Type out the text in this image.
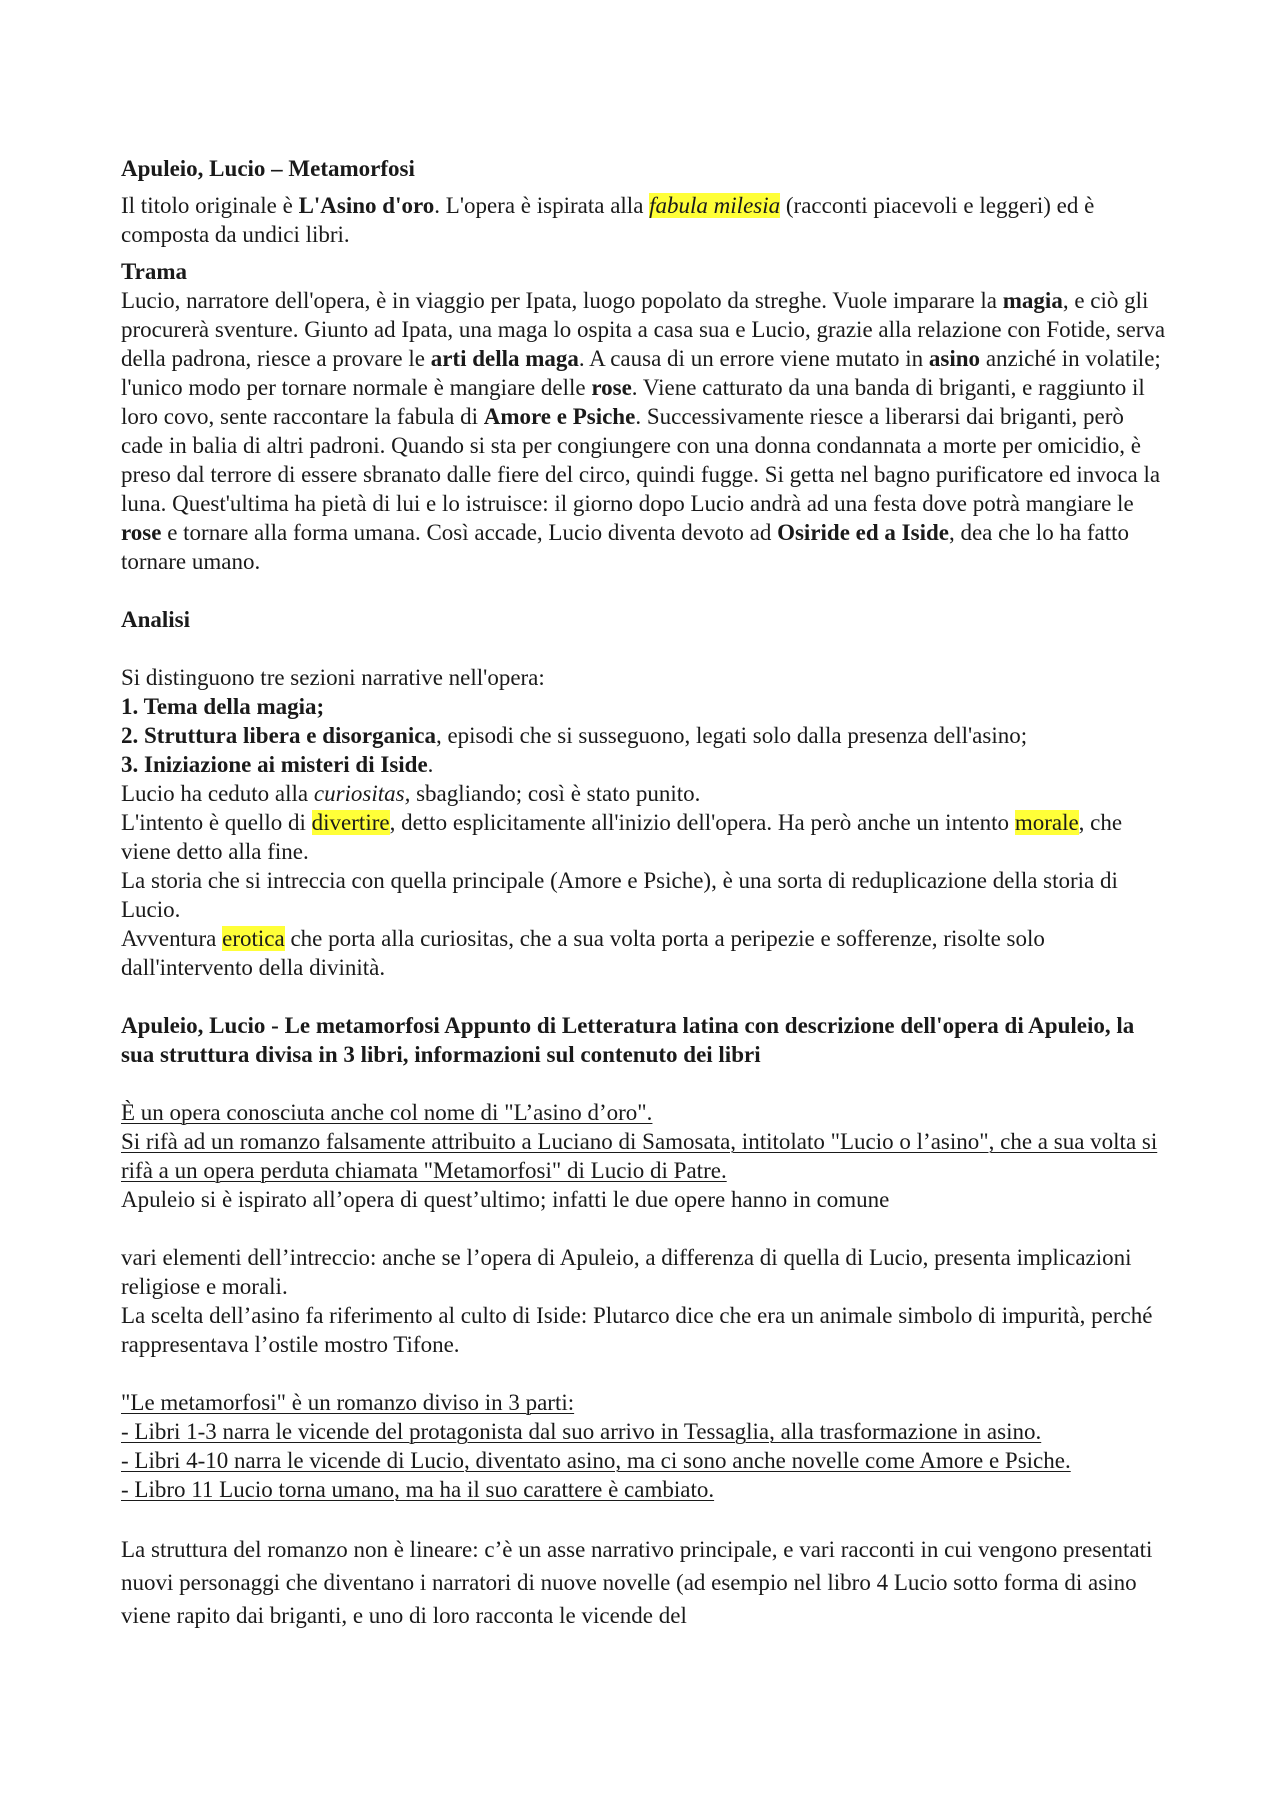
Apuleio, Lucio – Metamorfosi

Il titolo originale è L'Asino d'oro. L'opera è ispirata alla fabula milesia (racconti piacevoli e leggeri) ed è composta da undici libri.

Trama

Lucio, narratore dell'opera, è in viaggio per Ipata, luogo popolato da streghe. Vuole imparare la magia, e ciò gli procurerà sventure. Giunto ad Ipata, una maga lo ospita a casa sua e Lucio, grazie alla relazione con Fotide, serva della padrona, riesce a provare le arti della maga. A causa di un errore viene mutato in asino anziché in volatile; l'unico modo per tornare normale è mangiare delle rose. Viene catturato da una banda di briganti, e raggiunto il loro covo, sente raccontare la fabula di Amore e Psiche. Successivamente riesce a liberarsi dai briganti, però cade in balia di altri padroni. Quando si sta per congiungere con una donna condannata a morte per omicidio, è preso dal terrore di essere sbranato dalle fiere del circo, quindi fugge. Si getta nel bagno purificatore ed invoca la luna. Quest'ultima ha pietà di lui e lo istruisce: il giorno dopo Lucio andrà ad una festa dove potrà mangiare le rose e tornare alla forma umana. Così accade, Lucio diventa devoto ad Osiride ed a Iside, dea che lo ha fatto tornare umano.

Analisi

Si distinguono tre sezioni narrative nell'opera:

1. Tema della magia;

2. Struttura libera e disorganica, episodi che si susseguono, legati solo dalla presenza dell'asino;

3. Iniziazione ai misteri di Iside.

Lucio ha ceduto alla curiositas, sbagliando; così è stato punito.

L'intento è quello di divertire, detto esplicitamente all'inizio dell'opera. Ha però anche un intento morale, che viene detto alla fine.

La storia che si intreccia con quella principale (Amore e Psiche), è una sorta di reduplicazione della storia di Lucio.

Avventura erotica che porta alla curiositas, che a sua volta porta a peripezie e sofferenze, risolte solo dall'intervento della divinità.

Apuleio, Lucio - Le metamorfosi Appunto di Letteratura latina con descrizione dell'opera di Apuleio, la sua struttura divisa in 3 libri, informazioni sul contenuto dei libri

È un opera conosciuta anche col nome di "L’asino d’oro".
Si rifà ad un romanzo falsamente attribuito a Luciano di Samosata, intitolato "Lucio o l’asino", che a sua volta si rifà a un opera perduta chiamata "Metamorfosi" di Lucio di Patre.

Apuleio si è ispirato all’opera di quest’ultimo; infatti le due opere hanno in comune

vari elementi dell’intreccio: anche se l’opera di Apuleio, a differenza di quella di Lucio, presenta implicazioni religiose e morali.

La scelta dell’asino fa riferimento al culto di Iside: Plutarco dice che era un animale simbolo di impurità, perché rappresentava l’ostile mostro Tifone.

"Le metamorfosi" è un romanzo diviso in 3 parti:
- Libri 1-3 narra le vicende del protagonista dal suo arrivo in Tessaglia, alla trasformazione in asino.
- Libri 4-10 narra le vicende di Lucio, diventato asino, ma ci sono anche novelle come Amore e Psiche.
- Libro 11 Lucio torna umano, ma ha il suo carattere è cambiato.

La struttura del romanzo non è lineare: c’è un asse narrativo principale, e vari racconti in cui vengono presentati nuovi personaggi che diventano i narratori di nuove novelle (ad esempio nel libro 4 Lucio sotto forma di asino viene rapito dai briganti, e uno di loro racconta le vicende del
